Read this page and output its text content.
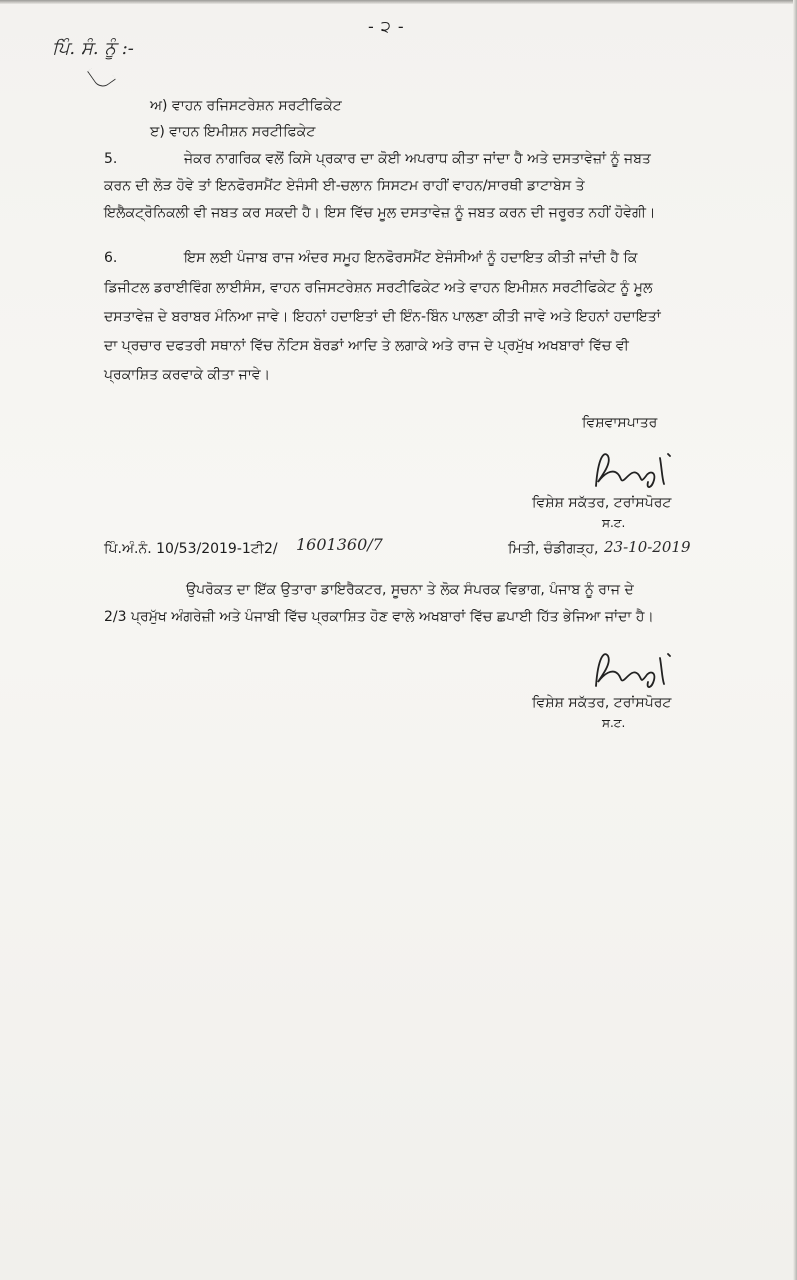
- ੨ -
ਪਿੰ. ਸੰ. ਨੂੰ :-
ਅ) ਵਾਹਨ ਰਜਿਸਟਰੇਸ਼ਨ ਸਰਟੀਫਿਕੇਟ
ੲ) ਵਾਹਨ ਇਮੀਸ਼ਨ ਸਰਟੀਫਿਕੇਟ
5.	ਜੇਕਰ ਨਾਗਰਿਕ ਵਲੋਂ ਕਿਸੇ ਪ੍ਰਕਾਰ ਦਾ ਕੋਈ ਅਪਰਾਧ ਕੀਤਾ ਜਾਂਦਾ ਹੈ ਅਤੇ ਦਸਤਾਵੇਜ਼ਾਂ ਨੂੰ ਜਬਤ
ਕਰਨ ਦੀ ਲੋੜ ਹੋਵੇ ਤਾਂ ਇਨਫੋਰਸਮੈਂਟ ਏਜੰਸੀ ਈ-ਚਲਾਨ ਸਿਸਟਮ ਰਾਹੀਂ ਵਾਹਨ/ਸਾਰਥੀ ਡਾਟਾਬੇਸ ਤੇ
ਇਲੈਕਟ੍ਰੋਨਿਕਲੀ ਵੀ ਜਬਤ ਕਰ ਸਕਦੀ ਹੈ। ਇਸ ਵਿੱਚ ਮੂਲ ਦਸਤਾਵੇਜ਼ ਨੂੰ ਜਬਤ ਕਰਨ ਦੀ ਜਰੂਰਤ ਨਹੀਂ ਹੋਵੇਗੀ।
6.	ਇਸ ਲਈ ਪੰਜਾਬ ਰਾਜ ਅੰਦਰ ਸਮੂਹ ਇਨਫੋਰਸਮੈਂਟ ਏਜੰਸੀਆਂ ਨੂੰ ਹਦਾਇਤ ਕੀਤੀ ਜਾਂਦੀ ਹੈ ਕਿ
ਡਿਜੀਟਲ ਡਰਾਈਵਿੰਗ ਲਾਈਸੰਸ, ਵਾਹਨ ਰਜਿਸਟਰੇਸ਼ਨ ਸਰਟੀਫਿਕੇਟ ਅਤੇ ਵਾਹਨ ਇਮੀਸ਼ਨ ਸਰਟੀਫਿਕੇਟ ਨੂੰ ਮੂਲ
ਦਸਤਾਵੇਜ਼ ਦੇ ਬਰਾਬਰ ਮੰਨਿਆ ਜਾਵੇ। ਇਹਨਾਂ ਹਦਾਇਤਾਂ ਦੀ ਇੰਨ-ਬਿੰਨ ਪਾਲਣਾ ਕੀਤੀ ਜਾਵੇ ਅਤੇ ਇਹਨਾਂ ਹਦਾਇਤਾਂ
ਦਾ ਪ੍ਰਚਾਰ ਦਫਤਰੀ ਸਥਾਨਾਂ ਵਿੱਚ ਨੋਟਿਸ ਬੋਰਡਾਂ ਆਦਿ ਤੇ ਲਗਾਕੇ ਅਤੇ ਰਾਜ ਦੇ ਪ੍ਰਮੁੱਖ ਅਖਬਾਰਾਂ ਵਿੱਚ ਵੀ
ਪ੍ਰਕਾਸ਼ਿਤ ਕਰਵਾਕੇ ਕੀਤਾ ਜਾਵੇ।
ਵਿਸ਼ਵਾਸਪਾਤਰ
ਵਿਸ਼ੇਸ਼ ਸਕੱਤਰ, ਟਰਾਂਸਪੋਰਟ
ਸ.ਟ.
ਪਿੰ.ਅੰ.ਨੰ. 10/53/2019-1ਟੀ2/ 1601360/7	ਮਿਤੀ, ਚੰਡੀਗੜ੍ਹ, 23-10-2019
ਉਪਰੋਕਤ ਦਾ ਇੱਕ ਉਤਾਰਾ ਡਾਇਰੈਕਟਰ, ਸੂਚਨਾ ਤੇ ਲੋਕ ਸੰਪਰਕ ਵਿਭਾਗ, ਪੰਜਾਬ ਨੂੰ ਰਾਜ ਦੇ
2/3 ਪ੍ਰਮੁੱਖ ਅੰਗਰੇਜ਼ੀ ਅਤੇ ਪੰਜਾਬੀ ਵਿੱਚ ਪ੍ਰਕਾਸ਼ਿਤ ਹੋਣ ਵਾਲੇ ਅਖਬਾਰਾਂ ਵਿੱਚ ਛਪਾਈ ਹਿੱਤ ਭੇਜਿਆ ਜਾਂਦਾ ਹੈ।
ਵਿਸ਼ੇਸ਼ ਸਕੱਤਰ, ਟਰਾਂਸਪੋਰਟ
ਸ.ਟ.
